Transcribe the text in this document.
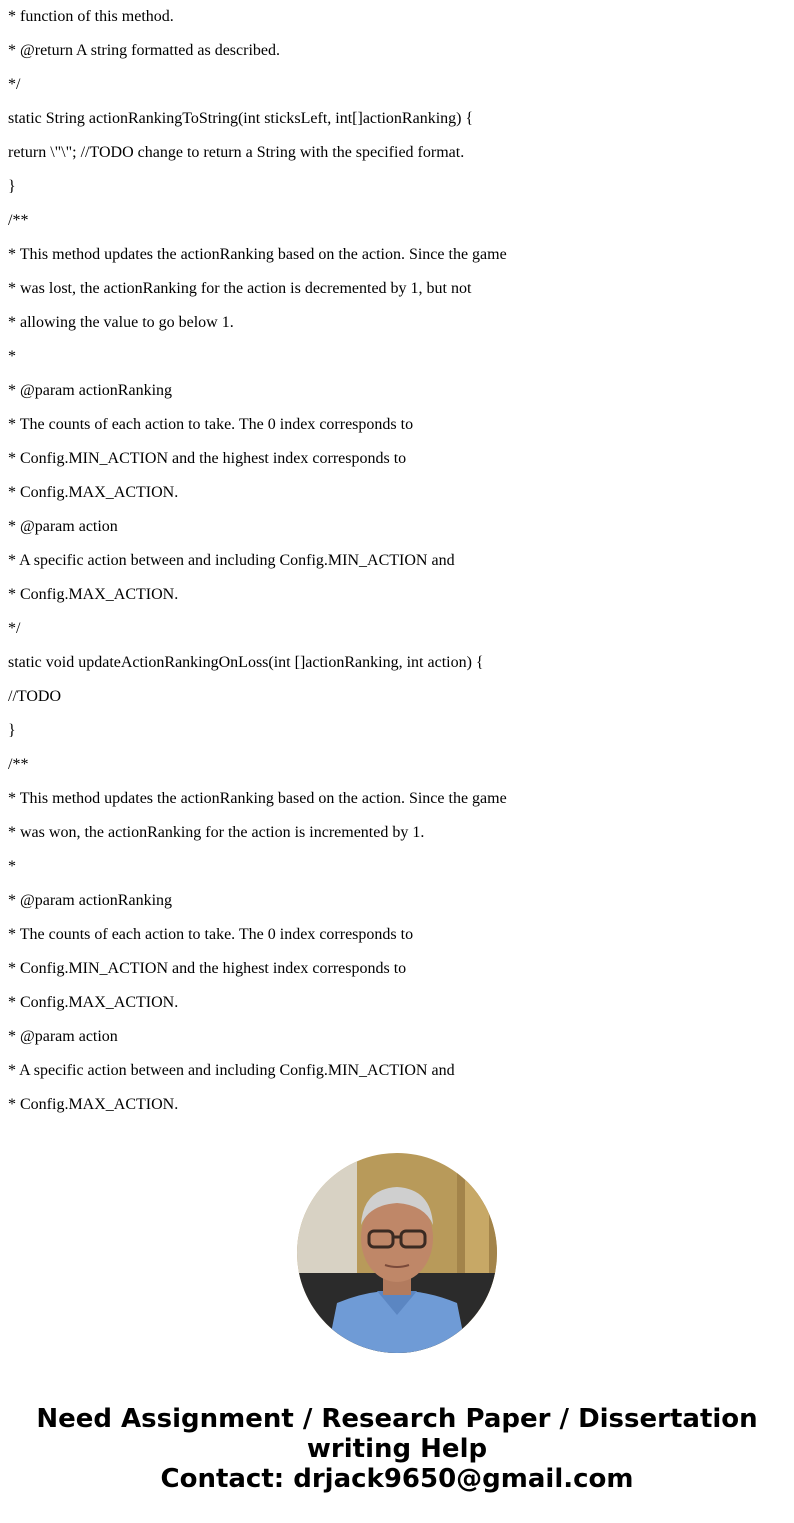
* function of this method.
* @return A string formatted as described.
*/
static String actionRankingToString(int sticksLeft, int[]actionRanking) {
return \"\"; //TODO change to return a String with the specified format.
}
/**
* This method updates the actionRanking based on the action. Since the game
* was lost, the actionRanking for the action is decremented by 1, but not
* allowing the value to go below 1.
*
* @param actionRanking
* The counts of each action to take. The 0 index corresponds to
* Config.MIN_ACTION and the highest index corresponds to
* Config.MAX_ACTION.
* @param action
* A specific action between and including Config.MIN_ACTION and
* Config.MAX_ACTION.
*/
static void updateActionRankingOnLoss(int []actionRanking, int action) {
//TODO
}
/**
* This method updates the actionRanking based on the action. Since the game
* was won, the actionRanking for the action is incremented by 1.
*
* @param actionRanking
* The counts of each action to take. The 0 index corresponds to
* Config.MIN_ACTION and the highest index corresponds to
* Config.MAX_ACTION.
* @param action
* A specific action between and including Config.MIN_ACTION and
* Config.MAX_ACTION.
Need Assignment / Research Paper / Dissertation
writing Help
Contact: drjack9650@gmail.com
